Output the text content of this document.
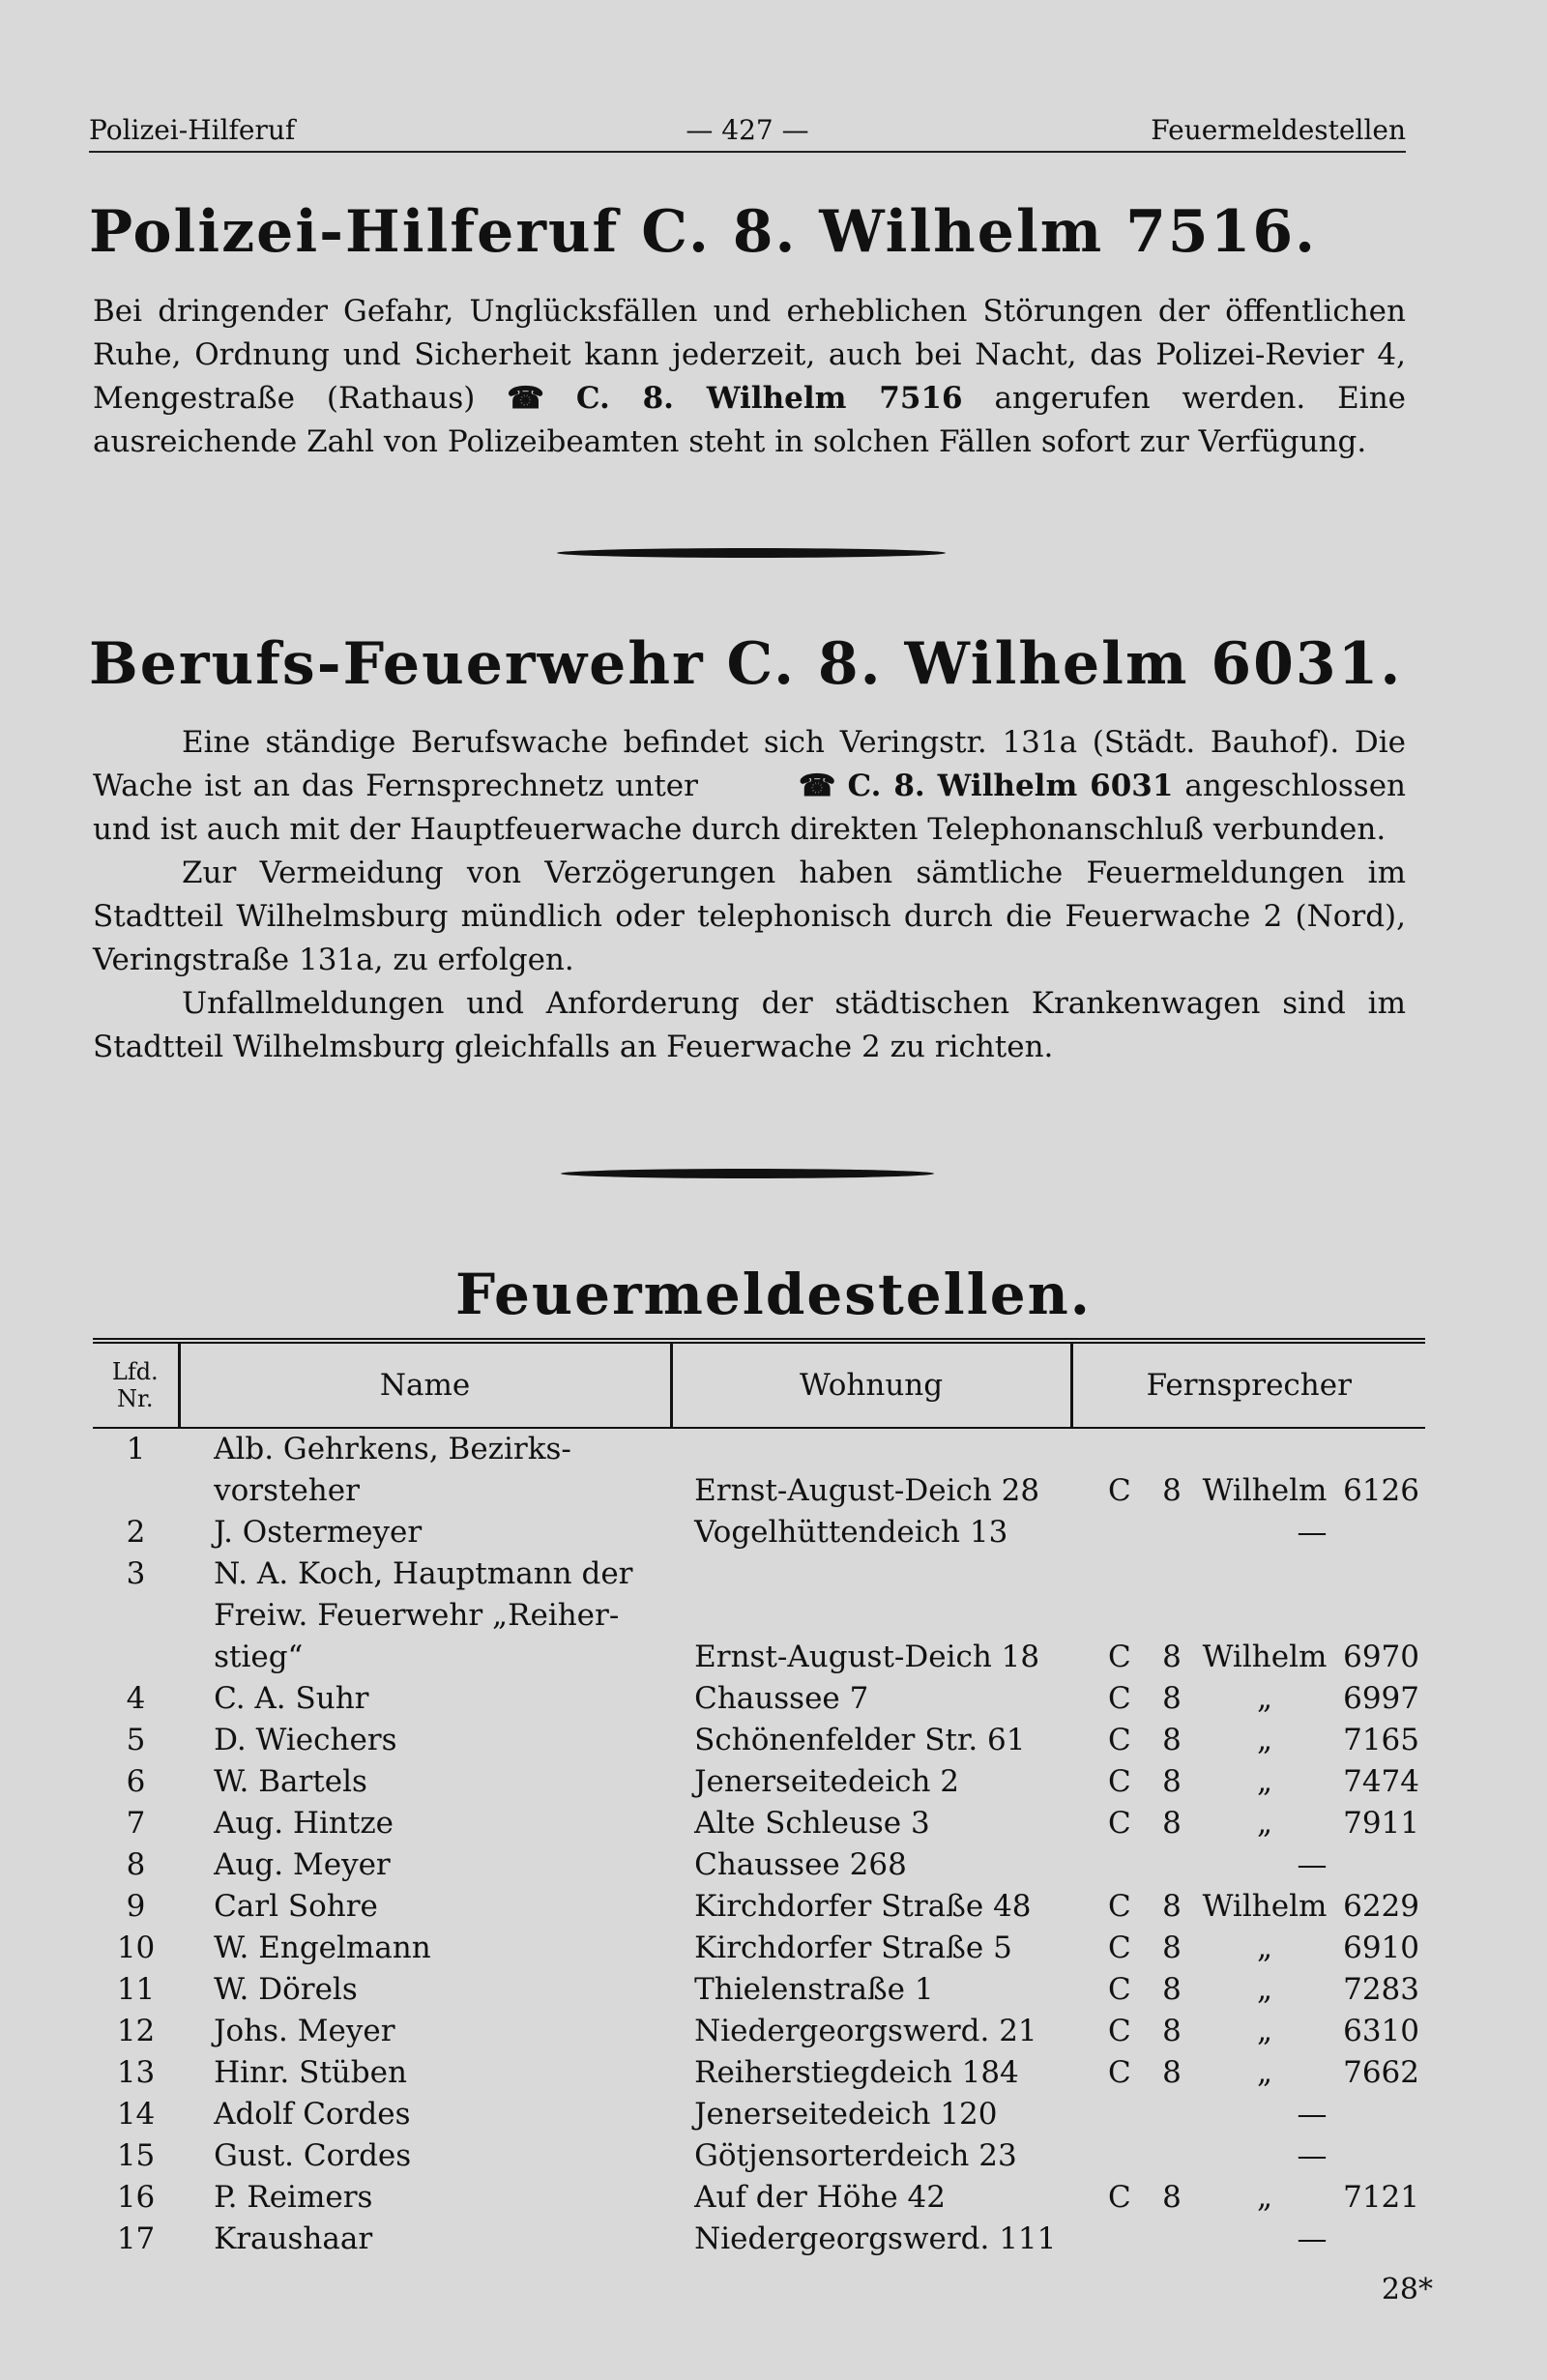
Polizei-Hilferuf	— 427 —	Feuermeldestellen
Polizei-Hilferuf C. 8. Wilhelm 7516.

Bei dringender Gefahr, Unglücksfällen und erheblichen Störungen der öffentlichen Ruhe, Ordnung und Sicherheit kann jederzeit, auch bei Nacht, das Polizei-Revier 4, Mengestraße (Rathaus) ☎ C. 8. Wilhelm 7516 angerufen werden. Eine ausreichende Zahl von Polizeibeamten steht in solchen Fällen sofort zur Verfügung.

Berufs-Feuerwehr C. 8. Wilhelm 6031.

Eine ständige Berufswache befindet sich Veringstr. 131a (Städt. Bauhof). Die Wache ist an das Fernsprechnetz unter	☎ C. 8. Wilhelm 6031 angeschlossen und ist auch mit der Hauptfeuerwache durch direkten Telephonanschluß verbunden.

Zur Vermeidung von Verzögerungen haben sämtliche Feuermeldungen im Stadtteil Wilhelmsburg mündlich oder telephonisch durch die Feuerwache 2 (Nord), Veringstraße 131a, zu erfolgen.

Unfallmeldungen und Anforderung der städtischen Krankenwagen sind im Stadtteil Wilhelmsburg gleichfalls an Feuerwache 2 zu richten.

Feuermeldestellen.
Lfd.
Nr.	Name	Wohnung	Fernsprecher
1	Alb. Gehrkens, Bezirks-		
	vorsteher	Ernst-August-Deich 28	C 8 Wilhelm 6126
2	J. Ostermeyer	Vogelhüttendeich 13	—
3	N. A. Koch, Hauptmann der		
	Freiw. Feuerwehr „Reiher-		
	stieg“	Ernst-August-Deich 18	C 8 Wilhelm 6970
4	C. A. Suhr	Chaussee 7	C 8 „ 6997
5	D. Wiechers	Schönenfelder Str. 61	C 8 „ 7165
6	W. Bartels	Jenerseitedeich 2	C 8 „ 7474
7	Aug. Hintze	Alte Schleuse 3	C 8 „ 7911
8	Aug. Meyer	Chaussee 268	—
9	Carl Sohre	Kirchdorfer Straße 48	C 8 Wilhelm 6229
10	W. Engelmann	Kirchdorfer Straße 5	C 8 „ 6910
11	W. Dörels	Thielenstraße 1	C 8 „ 7283
12	Johs. Meyer	Niedergeorgswerd. 21	C 8 „ 6310
13	Hinr. Stüben	Reiherstiegdeich 184	C 8 „ 7662
14	Adolf Cordes	Jenerseitedeich 120	—
15	Gust. Cordes	Götjensorterdeich 23	—
16	P. Reimers	Auf der Höhe 42	C 8 „ 7121
17	Kraushaar	Niedergeorgswerd. 111	—
28*
